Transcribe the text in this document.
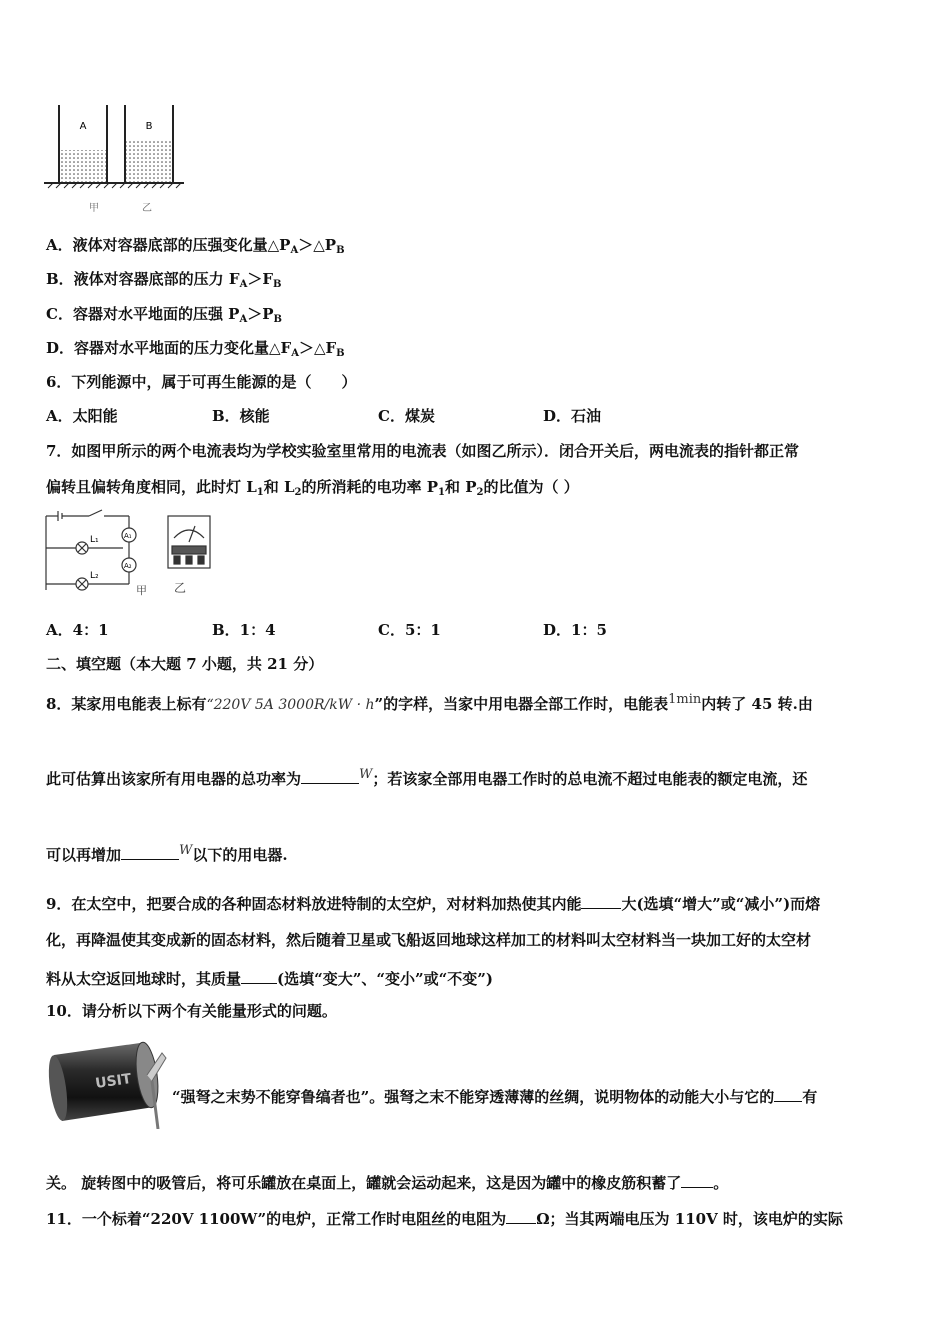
A	B
甲	乙
A．液体对容器底部的压强变化量$\triangle P_A>\triangle P_B$
B．液体对容器底部的压力 $F_A>F_B$
C．容器对水平地面的压强 $P_A>P_B$
D．容器对水平地面的压力变化量$\triangle F_A>\triangle F_B$
6．下列能源中，属于可再生能源的是（　　）
A．太阳能	B．核能	C．煤炭	D．石油
7．如图甲所示的两个电流表均为学校实验室里常用的电流表（如图乙所示）．闭合开关后，两电流表的指针都正常
偏转且偏转角度相同，此时灯 $L_1$和 $L_2$的所消耗的电功率 $P_1$和 $P_2$的比值为（ ）
L₁
L₂
A₁
A₂
甲 乙
A．4：1	B．1：4	C．5：1	D．1：5
二、填空题（本大题 7 小题，共 21 分）
8．某家用电能表上标有“220V 5A 3000R/kW · h”的字样，当家中用电器全部工作时，电能表1min内转了 45 转.由
此可估算出该家所有用电器的总功率为	W；若该家全部用电器工作时的总电流不超过电能表的额定电流，还
可以再增加	W以下的用电器.
9．在太空中，把要合成的各种固态材料放进特制的太空炉，对材料加热使其内能	大(选填“增大”或“减小”)而熔
化，再降温使其变成新的固态材料，然后随着卫星或飞船返回地球这样加工的材料叫太空材料当一块加工好的太空材
料从太空返回地球时，其质量 (选填“变大”、“变小”或“不变”)
10．请分析以下两个有关能量形式的问题。
USIT
“强弩之末势不能穿鲁缟者也”。强弩之末不能穿透薄薄的丝绸，说明物体的动能大小与它的 有
关。 旋转图中的吸管后，将可乐罐放在桌面上，罐就会运动起来，这是因为罐中的橡皮筋积蓄了 。
11．一个标着“220V 1100W”的电炉，正常工作时电阻丝的电阻为 Ω；当其两端电压为 110V 时，该电炉的实际
